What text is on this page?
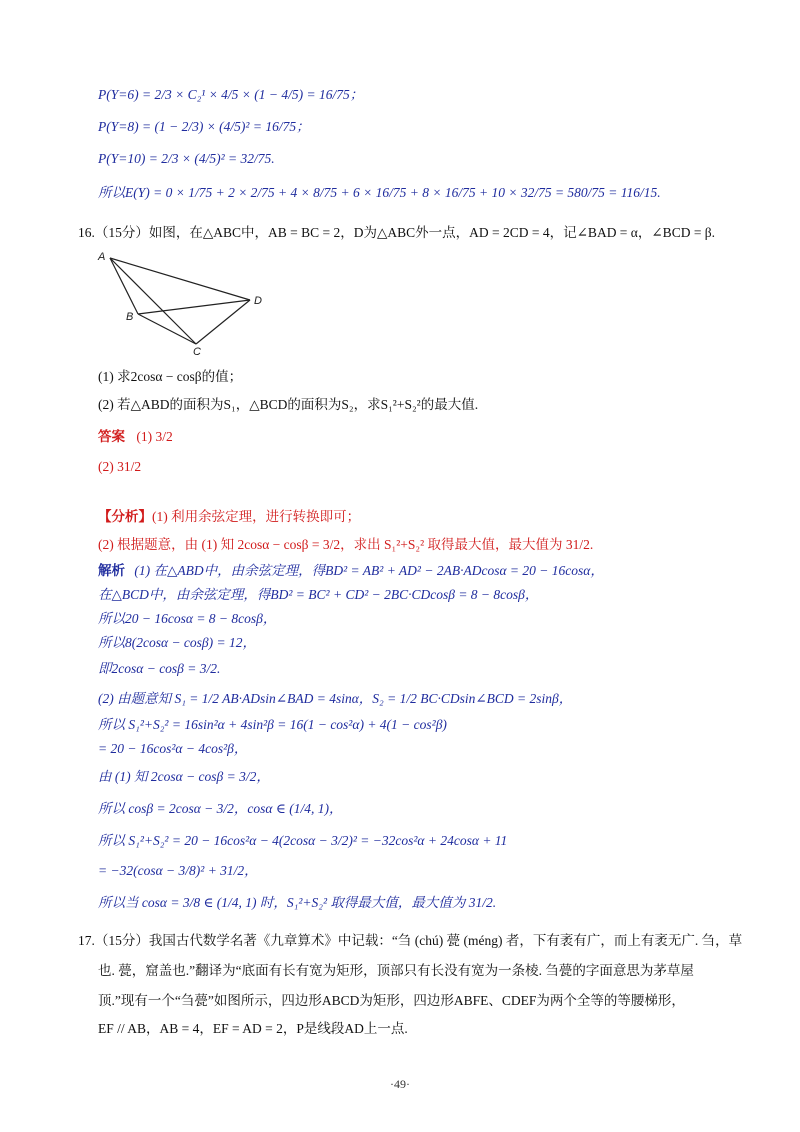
P(Y=6) = 2/3 × C₂¹ × 4/5 × (1 − 4/5) = 16/75；
P(Y=8) = (1 − 2/3) × (4/5)² = 16/75；
P(Y=10) = 2/3 × (4/5)² = 32/75.
所以E(Y) = 0 × 1/75 + 2 × 2/75 + 4 × 8/75 + 6 × 16/75 + 8 × 16/75 + 10 × 32/75 = 580/75 = 116/15.
16.（15分）如图，在△ABC中，AB = BC = 2，D为△ABC外一点，AD = 2CD = 4，记∠BAD = α，∠BCD = β.
A
B
C
D
(1) 求2cosα − cosβ的值；
(2) 若△ABD的面积为S₁，△BCD的面积为S₂，求S₁²+S₂²的最大值.
答案 (1) 3/2
(2) 31/2
【分析】(1) 利用余弦定理，进行转换即可；
(2) 根据题意，由 (1) 知 2cosα − cosβ = 3/2，求出 S₁²+S₂² 取得最大值，最大值为 31/2.
解析 (1) 在△ABD中，由余弦定理，得BD² = AB² + AD² − 2AB·ADcosα = 20 − 16cosα，
在△BCD中，由余弦定理，得BD² = BC² + CD² − 2BC·CDcosβ = 8 − 8cosβ，
所以20 − 16cosα = 8 − 8cosβ，
所以8(2cosα − cosβ) = 12，
即2cosα − cosβ = 3/2.
(2) 由题意知 S₁ = 1/2 AB·ADsin∠BAD = 4sinα，S₂ = 1/2 BC·CDsin∠BCD = 2sinβ，
所以 S₁²+S₂² = 16sin²α + 4sin²β = 16(1 − cos²α) + 4(1 − cos²β)
= 20 − 16cos²α − 4cos²β，
由 (1) 知 2cosα − cosβ = 3/2，
所以 cosβ = 2cosα − 3/2，cosα ∈ (1/4, 1)，
所以 S₁²+S₂² = 20 − 16cos²α − 4(2cosα − 3/2)² = −32cos²α + 24cosα + 11
= −32(cosα − 3/8)² + 31/2，
所以当 cosα = 3/8 ∈ (1/4, 1) 时，S₁²+S₂² 取得最大值，最大值为 31/2.
17.（15分）我国古代数学名著《九章算术》中记载：“刍 (chú) 甍 (méng) 者，下有袤有广，而上有袤无广. 刍，草
也. 甍，窟盖也.”翻译为“底面有长有宽为矩形，顶部只有长没有宽为一条棱. 刍甍的字面意思为茅草屋
顶.”现有一个“刍甍”如图所示，四边形ABCD为矩形，四边形ABFE、CDEF为两个全等的等腰梯形，
EF // AB，AB = 4，EF = AD = 2，P是线段AD上一点.
·49·
